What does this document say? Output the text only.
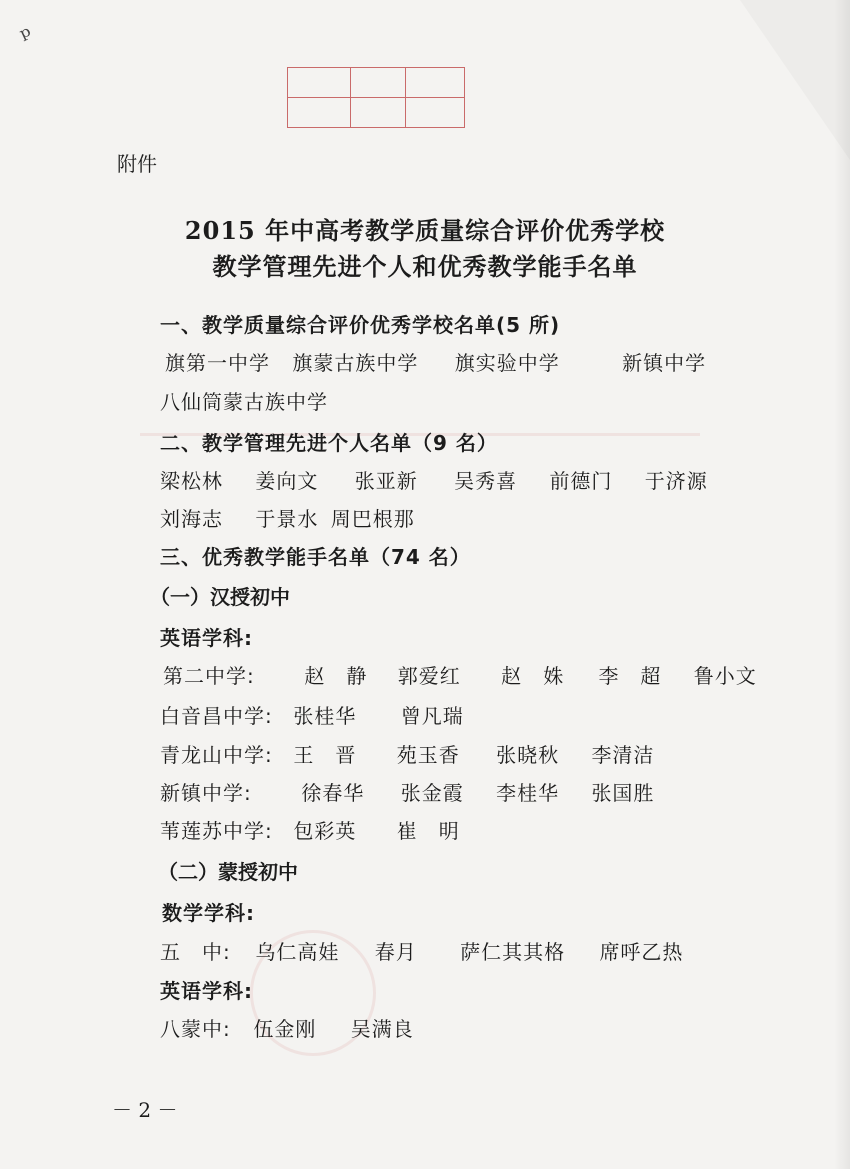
ᵖ

附件
2015 年中高考教学质量综合评价优秀学校
教学管理先进个人和优秀教学能手名单
一、教学质量综合评价优秀学校名单(5 所)
旗第一中学 旗蒙古族中学 旗实验中学	新镇中学
八仙筒蒙古族中学
二、教学管理先进个人名单（9 名）
梁松林 姜向文 张亚新 吴秀喜 前德门 于济源
刘海志 于景水 周巴根那
三、优秀教学能手名单（74 名）
（一）汉授初中
英语学科:
第二中学: 赵　静 郭爱红 赵　姝 李　超 鲁小文
白音昌中学: 张桂华 曾凡瑞
青龙山中学: 王　晋 苑玉香 张晓秋 李清洁
新镇中学: 徐春华 张金霞 李桂华 张国胜
苇莲苏中学: 包彩英 崔　明
（二）蒙授初中
数学学科:
五　中: 乌仁高娃 春月 萨仁其其格 席呼乙热
英语学科:
八蒙中: 伍金刚 吴满良
－ 2 －
